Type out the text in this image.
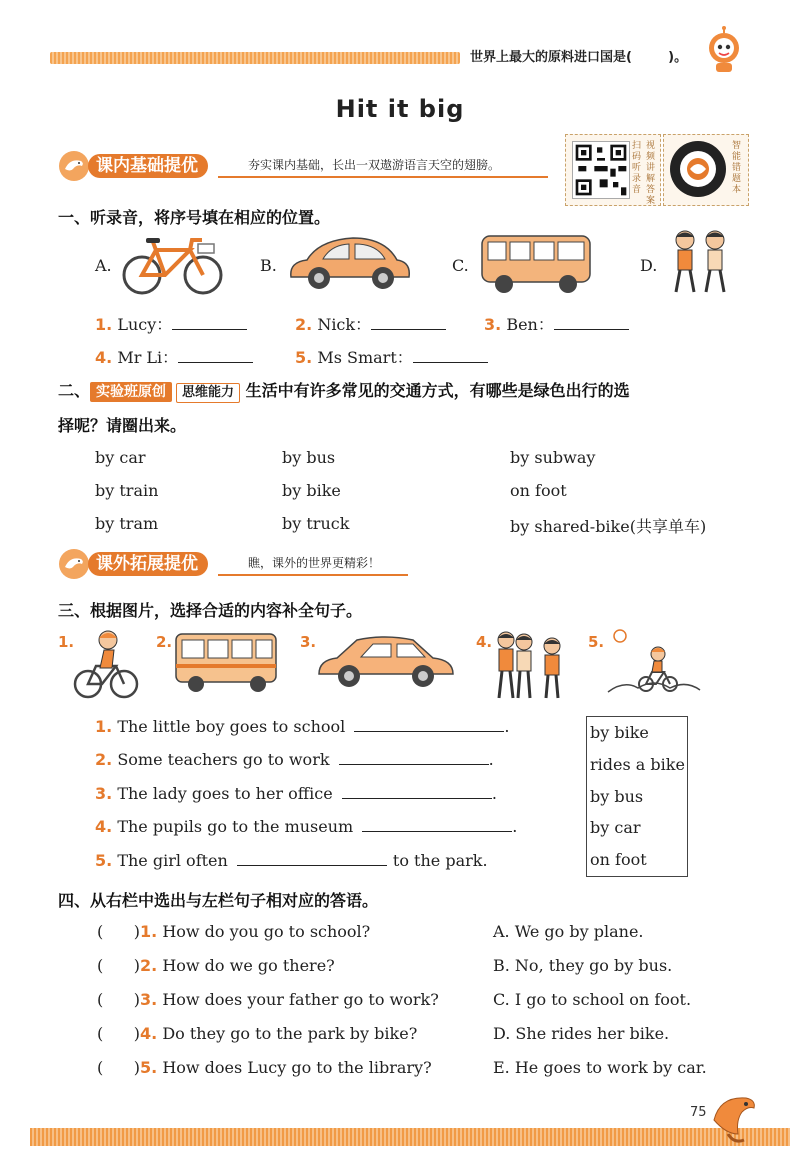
世界上最大的原料进口国是(        )。
Hit it big
课内基础提优	夯实课内基础，长出一双遨游语言天空的翅膀。
扫码听录音
视频讲解答案
智能错题本
一、听录音，将序号填在相应的位置。
A.	B.	C.	D.
1. Lucy：	2. Nick：	3. Ben：
4. Mr Li：	5. Ms Smart：
二、 实验班原创 思维能力 生活中有许多常见的交通方式，有哪些是绿色出行的选
择呢？请圈出来。
by car	by bus	by subway
by train	by bike	on foot
by tram	by truck	by shared-bike(共享单车)
课外拓展提优	瞧，课外的世界更精彩！
三、根据图片，选择合适的内容补全句子。
1.	2.	3.	4.	5.
1. The little boy goes to school	.
2. Some teachers go to work	.
3. The lady goes to her office	.
4. The pupils go to the museum	.
5. The girl often	to the park.
by bike
rides a bike
by bus
by car
on foot
四、从右栏中选出与左栏句子相对应的答语。
(      )1. How do you go to school?	A. We go by plane.
(      )2. How do we go there?	B. No, they go by bus.
(      )3. How does your father go to work?	C. I go to school on foot.
(      )4. Do they go to the park by bike?	D. She rides her bike.
(      )5. How does Lucy go to the library?	E. He goes to work by car.
75
